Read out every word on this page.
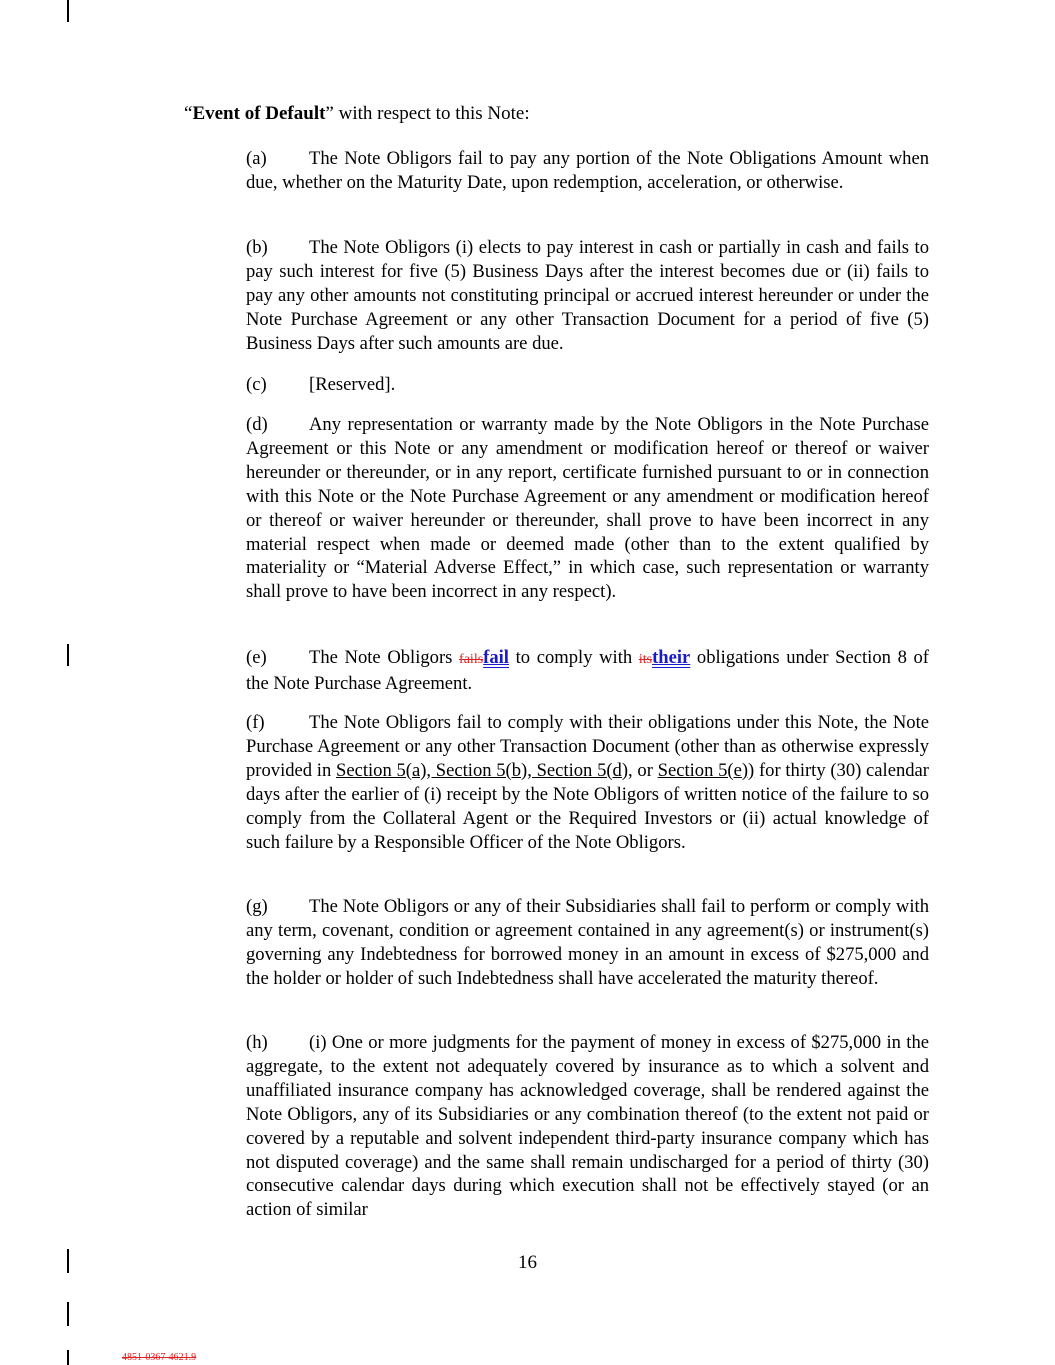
“Event of Default” with respect to this Note:

(a) The Note Obligors fail to pay any portion of the Note Obligations Amount when due, whether on the Maturity Date, upon redemption, acceleration, or otherwise.

(b) The Note Obligors (i) elects to pay interest in cash or partially in cash and fails to pay such interest for five (5) Business Days after the interest becomes due or (ii) fails to pay any other amounts not constituting principal or accrued interest hereunder or under the Note Purchase Agreement or any other Transaction Document for a period of five (5) Business Days after such amounts are due.

(c) [Reserved].

(d) Any representation or warranty made by the Note Obligors in the Note Purchase Agreement or this Note or any amendment or modification hereof or thereof or waiver hereunder or thereunder, or in any report, certificate furnished pursuant to or in connection with this Note or the Note Purchase Agreement or any amendment or modification hereof or thereof or waiver hereunder or thereunder, shall prove to have been incorrect in any material respect when made or deemed made (other than to the extent qualified by materiality or “Material Adverse Effect,” in which case, such representation or warranty shall prove to have been incorrect in any respect).

(e) The Note Obligors failsfail to comply with itstheir obligations under Section 8 of the Note Purchase Agreement.

(f) The Note Obligors fail to comply with their obligations under this Note, the Note Purchase Agreement or any other Transaction Document (other than as otherwise expressly provided in Section 5(a), Section 5(b), Section 5(d), or Section 5(e)) for thirty (30) calendar days after the earlier of (i) receipt by the Note Obligors of written notice of the failure to so comply from the Collateral Agent or the Required Investors or (ii) actual knowledge of such failure by a Responsible Officer of the Note Obligors.

(g) The Note Obligors or any of their Subsidiaries shall fail to perform or comply with any term, covenant, condition or agreement contained in any agreement(s) or instrument(s) governing any Indebtedness for borrowed money in an amount in excess of $275,000 and the holder or holder of such Indebtedness shall have accelerated the maturity thereof.

(h) (i) One or more judgments for the payment of money in excess of $275,000 in the aggregate, to the extent not adequately covered by insurance as to which a solvent and unaffiliated insurance company has acknowledged coverage, shall be rendered against the Note Obligors, any of its Subsidiaries or any combination thereof (to the extent not paid or covered by a reputable and solvent independent third-party insurance company which has not disputed coverage) and the same shall remain undischarged for a period of thirty (30) consecutive calendar days during which execution shall not be effectively stayed (or an action of similar

16

4851-0367-4621.9
